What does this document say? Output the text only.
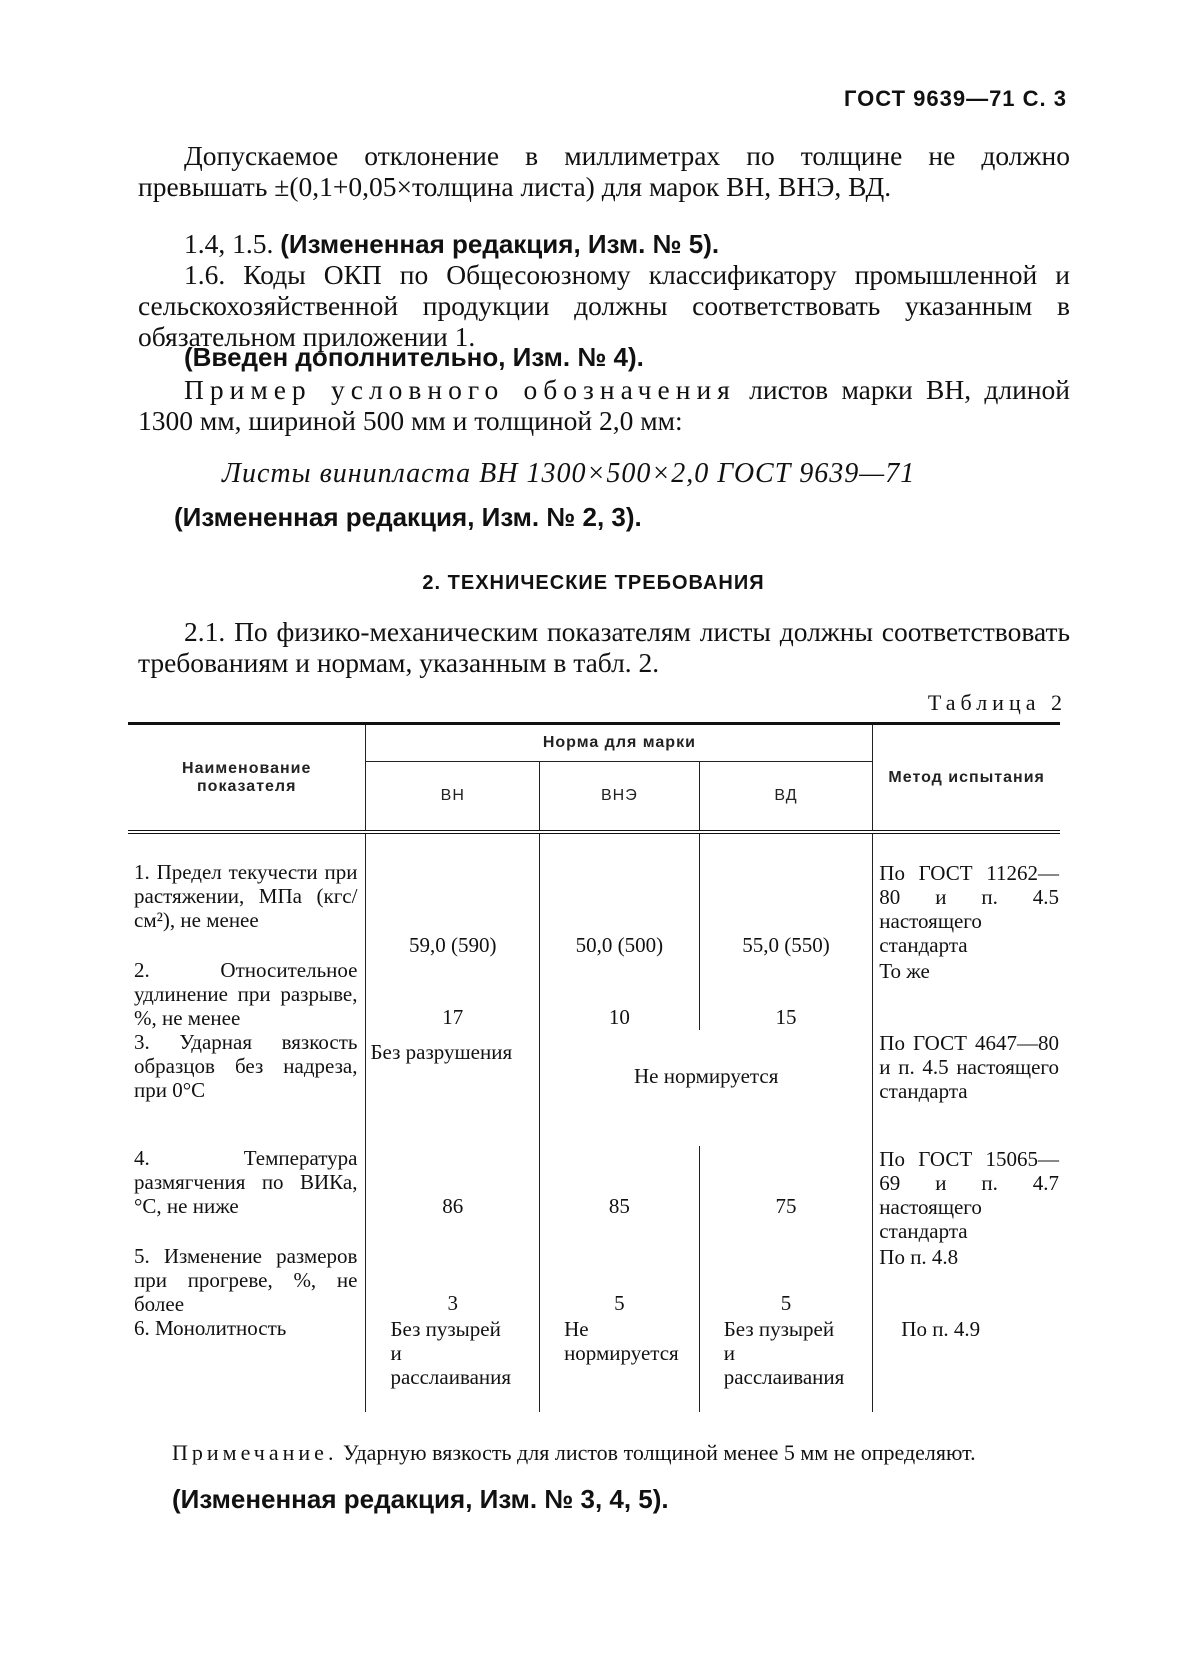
ГОСТ 9639—71 С. 3
Допускаемое отклонение в миллиметрах по толщине не должно превышать ±(0,1+0,05×толщина листа) для марок ВН, ВНЭ, ВД.
1.4, 1.5. (Измененная редакция, Изм. № 5).
1.6. Коды ОКП по Общесоюзному классификатору промышленной и сельскохозяйственной продукции должны соответствовать указанным в обязательном приложении 1.
(Введен дополнительно, Изм. № 4).
Пример условного обозначения листов марки ВН, длиной 1300 мм, шириной 500 мм и толщиной 2,0 мм:
Листы винипласта ВН 1300×500×2,0 ГОСТ 9639—71
(Измененная редакция, Изм. № 2, 3).
2. ТЕХНИЧЕСКИЕ ТРЕБОВАНИЯ
2.1. По физико-механическим показателям листы должны соответствовать требованиям и нормам, указанным в табл. 2.
Таблица 2
Наименование показателя	Норма для марки			Метод испытания
	ВН	ВНЭ	ВД	

1. Предел текучести при растяжении, МПа (кгс/см²), не менее	59,0 (590)	50,0 (500)	55,0 (550)	По ГОСТ 11262—80 и п. 4.5 настоящего стандарта
2. Относительное удлинение при разрыве, %, не менее	17	10	15	То же
3. Ударная вязкость образцов без надреза, при 0°С	Без разрушения	Не нормируется		По ГОСТ 4647—80 и п. 4.5 настоящего стандарта
4. Температура размягчения по ВИКа, °С, не ниже	86	85	75	По ГОСТ 15065—69 и п. 4.7 настоящего стандарта
5. Изменение размеров при прогреве, %, не более	3	5	5	По п. 4.8
6. Монолитность	Без пузырей и расслаивания	Не нормируется	Без пузырей и расслаивания	По п. 4.9
Примечание. Ударную вязкость для листов толщиной менее 5 мм не определяют.
(Измененная редакция, Изм. № 3, 4, 5).
